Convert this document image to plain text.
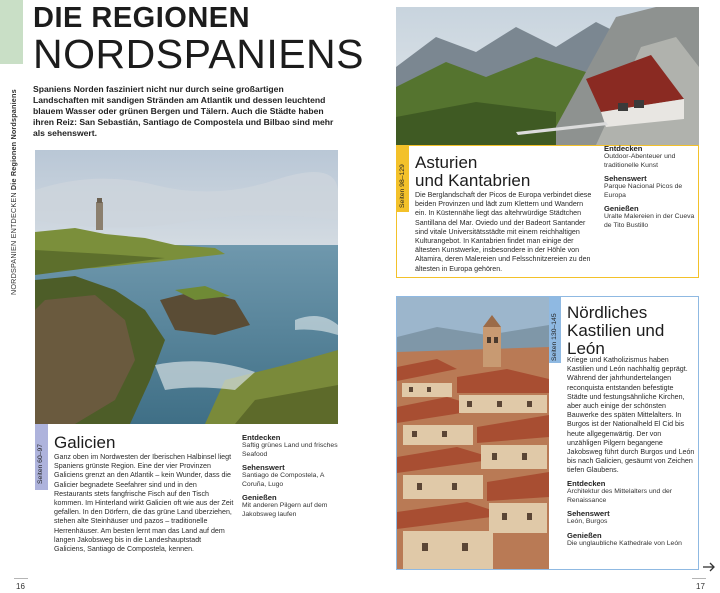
NORDSPANIEN ENTDECKEN Die Regionen Nordspaniens
DIE REGIONEN
NORDSPANIENS
Spaniens Norden fasziniert nicht nur durch seine großartigen Landschaften mit sandigen Stränden am Atlantik und dessen leuchtend blauem Wasser oder grünen Bergen und Tälern. Auch die Städte haben ihren Reiz: San Sebastián, Santiago de Compostela und Bilbao sind mehr als sehenswert.
Seiten 60–97
Galicien
Ganz oben im Nordwesten der Iberischen Halbinsel liegt Spaniens grünste Region. Eine der vier Provinzen Galiciens grenzt an den Atlantik – kein Wunder, dass die Galicier begnadete Seefahrer sind und in den Restaurants stets fangfrische Fisch auf den Tisch kommen. Im Hinterland wirkt Galicien oft wie aus der Zeit gefallen. In den Dörfern, die das grüne Land überziehen, stehen alte Steinhäuser und pazos – traditionelle Herrenhäuser. Am besten lernt man das Land auf dem langen Jakobsweg bis in die Landeshauptstadt Galiciens, Santiago de Compostela, kennen.
Entdecken
Saftig grünes Land und frisches Seafood
Sehenswert
Santiago de Compostela, A Coruña, Lugo
Genießen
Mit anderen Pilgern auf dem Jakobsweg laufen
16
Seiten 98–129
Asturien
und Kantabrien
Die Berglandschaft der Picos de Europa verbindet diese beiden Provinzen und lädt zum Klettern und Wandern ein. In Küstennähe liegt das altehrwürdige Städtchen Santillana del Mar. Oviedo und der Badeort Santander sind vitale Universitätsstädte mit einem reichhaltigen Kulturangebot. In Kantabrien findet man einige der ältesten Kunstwerke, insbesondere in der Höhle von Altamira, deren Malereien und Felsschnitzereien zu den ältesten in Europa gehören.
Entdecken
Outdoor-Abenteuer und traditionelle Kunst
Sehenswert
Parque Nacional Picos de Europa
Genießen
Uralte Malereien in der Cueva de Tito Bustillo
Seiten 130–145
Nördliches
Kastilien und
León
Kriege und Katholizismus haben Kastilien und León nachhaltig geprägt. Während der jahrhundertelangen reconquista entstanden befestigte Städte und festungsähnliche Kirchen, aber auch einige der schönsten Bauwerke des späten Mittelalters. In Burgos ist der Nationalheld El Cid bis heute allgegenwärtig. Der von unzähligen Pilgern begangene Jakobsweg führt durch Burgos und León bis nach Galicien, gesäumt von Zeichen tiefen Glaubens.
Entdecken
Architektur des Mittelalters und der Renaissance
Sehenswert
León, Burgos
Genießen
Die unglaubliche Kathedrale von León
17
